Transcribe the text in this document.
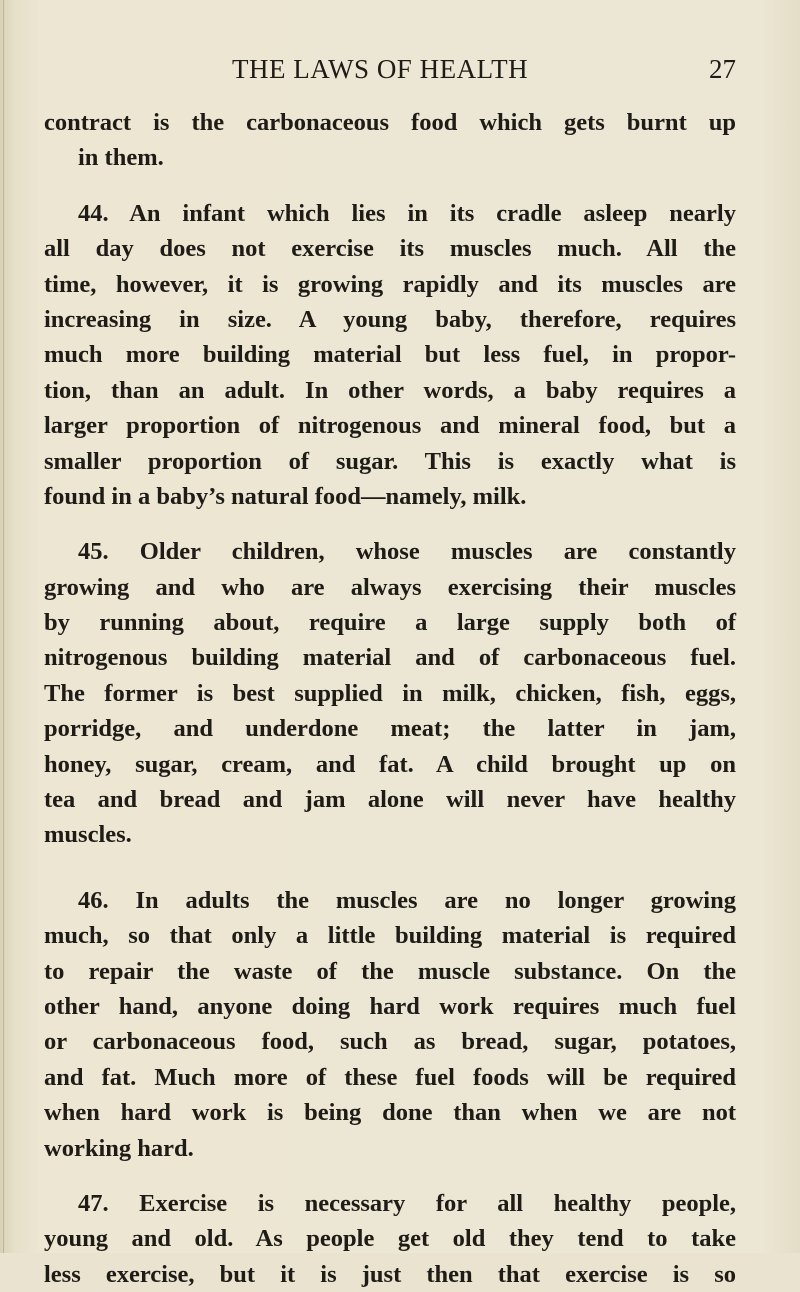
THE LAWS OF HEALTH	27
contract is the carbonaceous food which gets burnt up
in them.
44. An infant which lies in its cradle asleep nearly
all day does not exercise its muscles much. All the
time, however, it is growing rapidly and its muscles are
increasing in size. A young baby, therefore, requires
much more building material but less fuel, in propor-
tion, than an adult. In other words, a baby requires a
larger proportion of nitrogenous and mineral food, but a
smaller proportion of sugar. This is exactly what is
found in a baby’s natural food—namely, milk.
45. Older children, whose muscles are constantly
growing and who are always exercising their muscles
by running about, require a large supply both of
nitrogenous building material and of carbonaceous fuel.
The former is best supplied in milk, chicken, fish, eggs,
porridge, and underdone meat; the latter in jam,
honey, sugar, cream, and fat. A child brought up on
tea and bread and jam alone will never have healthy
muscles.
46. In adults the muscles are no longer growing
much, so that only a little building material is required
to repair the waste of the muscle substance. On the
other hand, anyone doing hard work requires much fuel
or carbonaceous food, such as bread, sugar, potatoes,
and fat. Much more of these fuel foods will be required
when hard work is being done than when we are not
working hard.
47. Exercise is necessary for all healthy people,
young and old. As people get old they tend to take
less exercise, but it is just then that exercise is so
